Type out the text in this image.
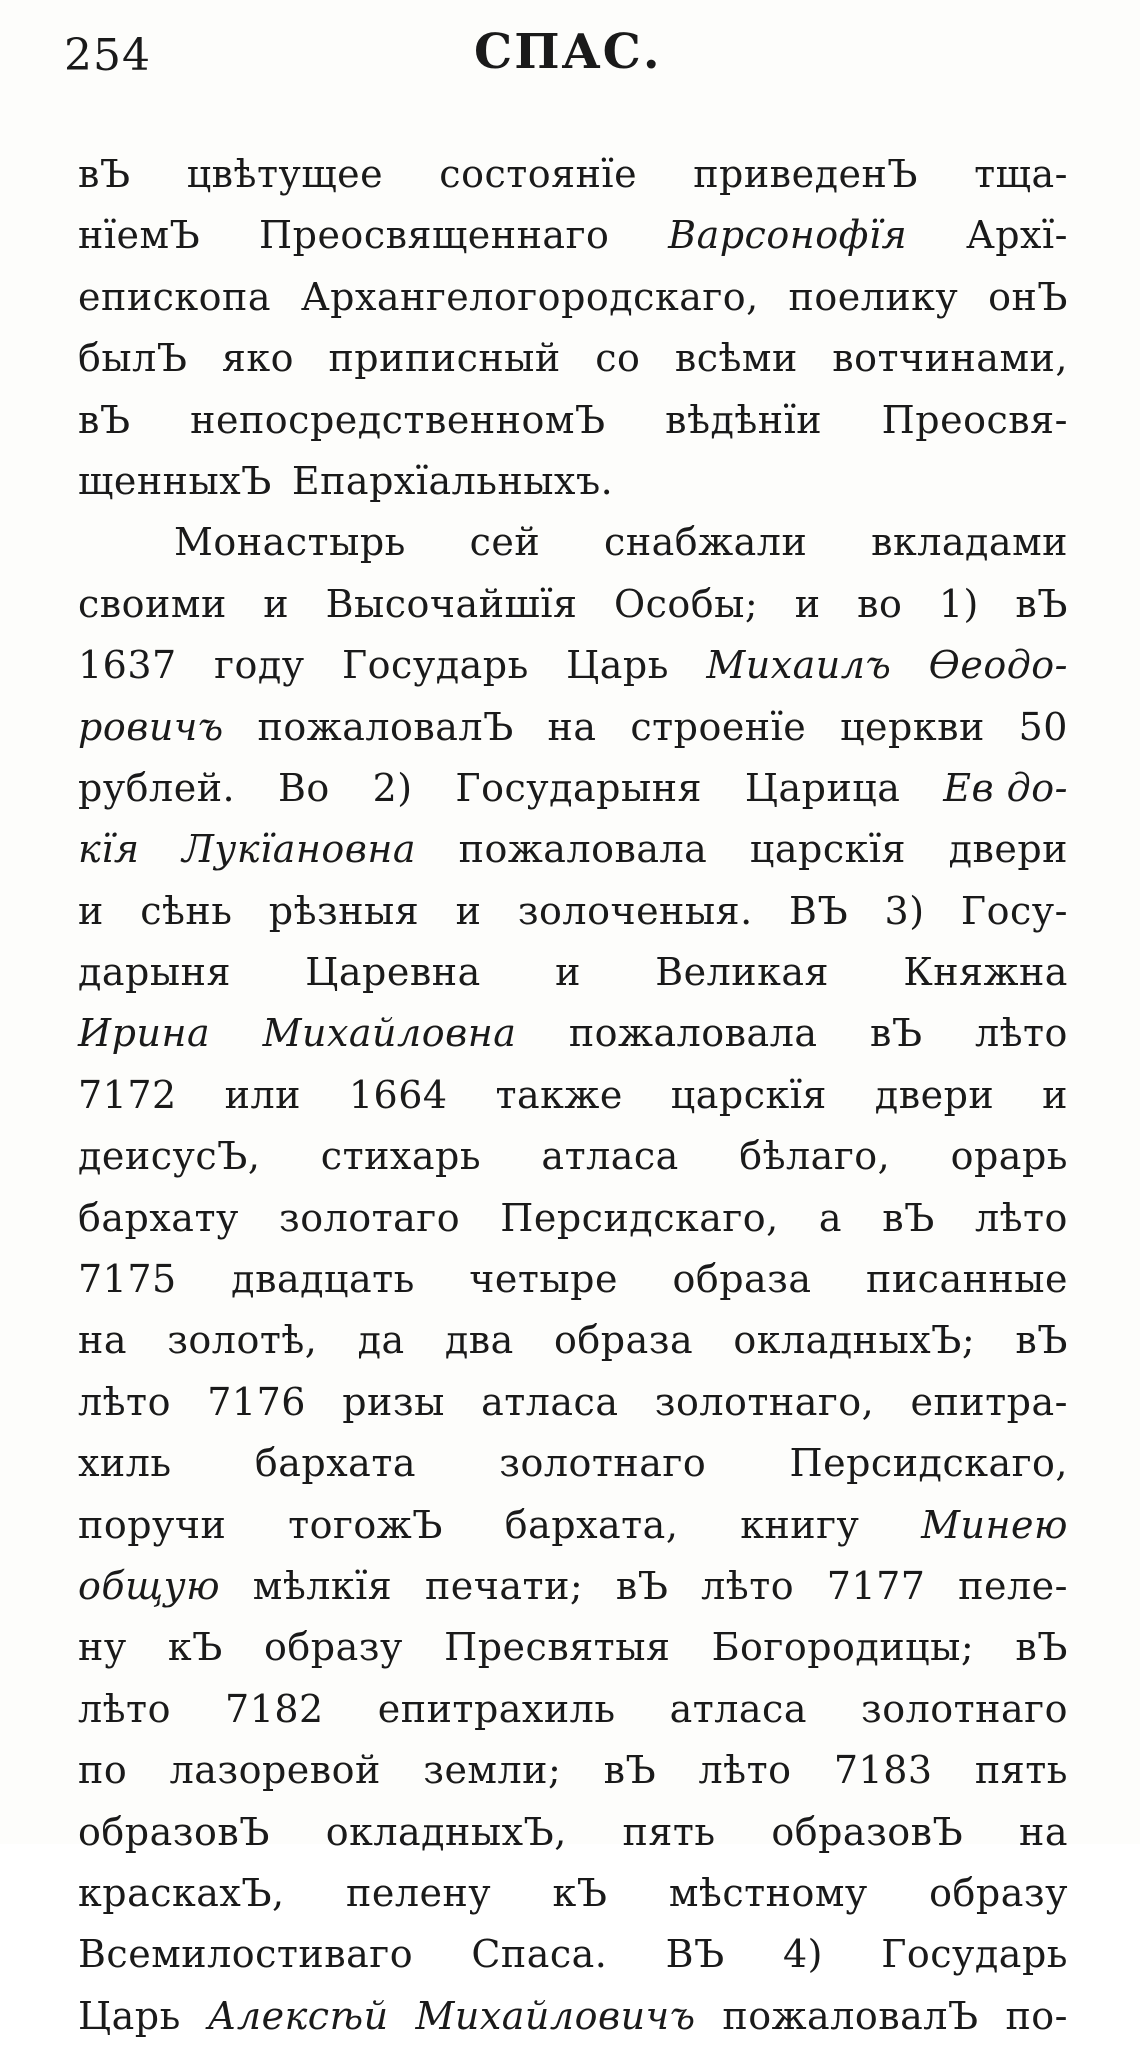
254	СПАС.
вЪ цвѣтущее состоянїе приведенЪ тща-
нїемЪ Преосвященнаго Варсонофїя Архї-
епископа Архангелогородскаго, поелику онЪ
былЪ яко приписный со всѣми вотчинами,
вЪ непосредственномЪ вѣдѣнїи Преосвя-
щенныхЪ Епархїальныхъ.
Монастырь сей снабжали вкладами
своими и Высочайшїя Особы; и во 1) вЪ
1637 году Государь Царь Михаилъ Ѳеодо-
ровичъ пожаловалЪ на строенїе церкви 50
рублей. Во 2) Государыня Царица Ев до-
кїя Лукїановна пожаловала царскїя двери
и сѣнь рѣзныя и золоченыя. ВЪ 3) Госу-
дарыня Царевна и Великая Княжна
Ирина Михайловна пожаловала вЪ лѣто
7172 или 1664 также царскїя двери и
деисусЪ, стихарь атласа бѣлаго, орарь
бархату золотаго Персидскаго, а вЪ лѣто
7175 двадцать четыре образа писанные
на золотѣ, да два образа окладныхЪ; вЪ
лѣто 7176 ризы атласа золотнаго, епитра-
хиль бархата золотнаго Персидскаго,
поручи тогожЪ бархата, книгу Минею
общую мѣлкїя печати; вЪ лѣто 7177 пеле-
ну кЪ образу Пресвятыя Богородицы; вЪ
лѣто 7182 епитрахиль атласа золотнаго
по лазоревой земли; вЪ лѣто 7183 пять
образовЪ окладныхЪ, пять образовЪ на
краскахЪ, пелену кЪ мѣстному образу
Всемилостиваго Спаса. ВЪ 4) Государь
Царь Алексѣй Михайловичъ пожаловалЪ по-
